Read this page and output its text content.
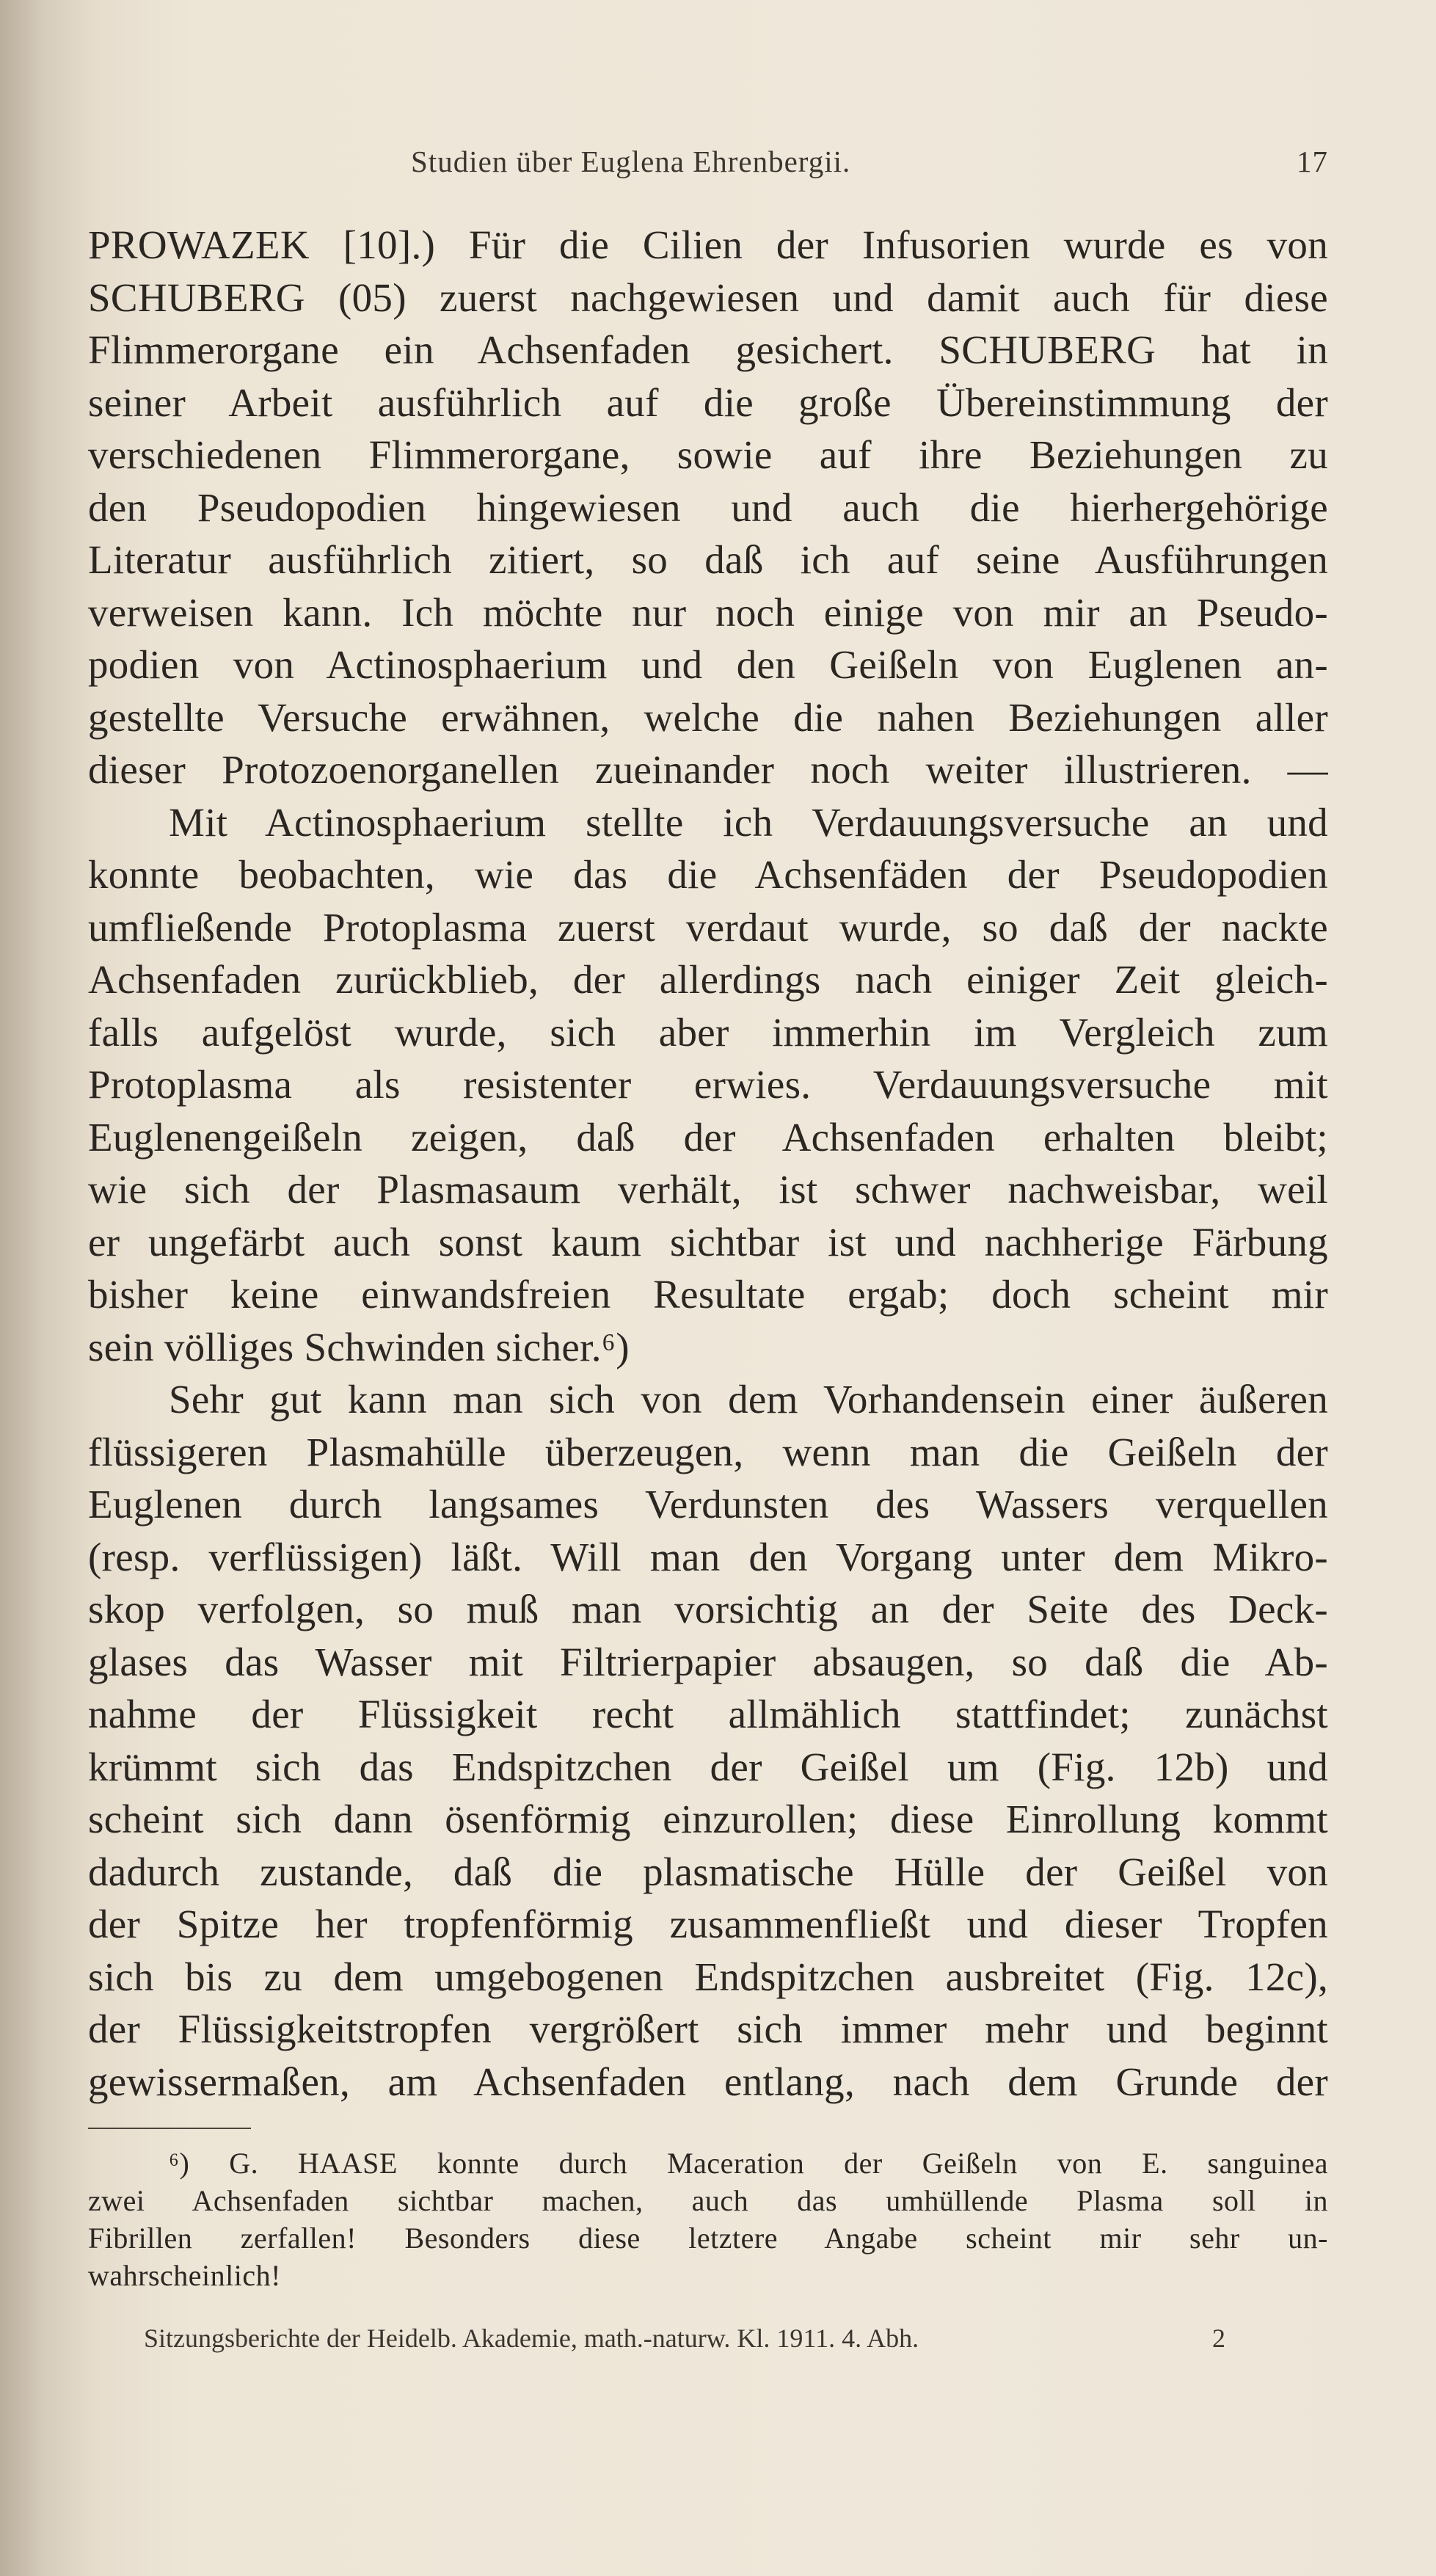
Studien über Euglena Ehrenbergii.	17
PROWAZEK [10].) Für die Cilien der Infusorien wurde es von
SCHUBERG (05) zuerst nachgewiesen und damit auch für diese
Flimmerorgane ein Achsenfaden gesichert. SCHUBERG hat in
seiner Arbeit ausführlich auf die große Übereinstimmung der
verschiedenen Flimmerorgane, sowie auf ihre Beziehungen zu
den Pseudopodien hingewiesen und auch die hierhergehörige
Literatur ausführlich zitiert, so daß ich auf seine Ausführungen
verweisen kann. Ich möchte nur noch einige von mir an Pseudo-
podien von Actinosphaerium und den Geißeln von Euglenen an-
gestellte Versuche erwähnen, welche die nahen Beziehungen aller
dieser Protozoenorganellen zueinander noch weiter illustrieren. —
Mit Actinosphaerium stellte ich Verdauungsversuche an und
konnte beobachten, wie das die Achsenfäden der Pseudopodien
umfließende Protoplasma zuerst verdaut wurde, so daß der nackte
Achsenfaden zurückblieb, der allerdings nach einiger Zeit gleich-
falls aufgelöst wurde, sich aber immerhin im Vergleich zum
Protoplasma als resistenter erwies. Verdauungsversuche mit
Euglenengeißeln zeigen, daß der Achsenfaden erhalten bleibt;
wie sich der Plasmasaum verhält, ist schwer nachweisbar, weil
er ungefärbt auch sonst kaum sichtbar ist und nachherige Färbung
bisher keine einwandsfreien Resultate ergab; doch scheint mir
sein völliges Schwinden sicher.⁶)
Sehr gut kann man sich von dem Vorhandensein einer äußeren
flüssigeren Plasmahülle überzeugen, wenn man die Geißeln der
Euglenen durch langsames Verdunsten des Wassers verquellen
(resp. verflüssigen) läßt. Will man den Vorgang unter dem Mikro-
skop verfolgen, so muß man vorsichtig an der Seite des Deck-
glases das Wasser mit Filtrierpapier absaugen, so daß die Ab-
nahme der Flüssigkeit recht allmählich stattfindet; zunächst
krümmt sich das Endspitzchen der Geißel um (Fig. 12b) und
scheint sich dann ösenförmig einzurollen; diese Einrollung kommt
dadurch zustande, daß die plasmatische Hülle der Geißel von
der Spitze her tropfenförmig zusammenfließt und dieser Tropfen
sich bis zu dem umgebogenen Endspitzchen ausbreitet (Fig. 12c),
der Flüssigkeitstropfen vergrößert sich immer mehr und beginnt
gewissermaßen, am Achsenfaden entlang, nach dem Grunde der
⁶) G. HAASE konnte durch Maceration der Geißeln von E. sanguinea
zwei Achsenfaden sichtbar machen, auch das umhüllende Plasma soll in
Fibrillen zerfallen! Besonders diese letztere Angabe scheint mir sehr un-
wahrscheinlich!
Sitzungsberichte der Heidelb. Akademie, math.-naturw. Kl. 1911. 4. Abh.	2
